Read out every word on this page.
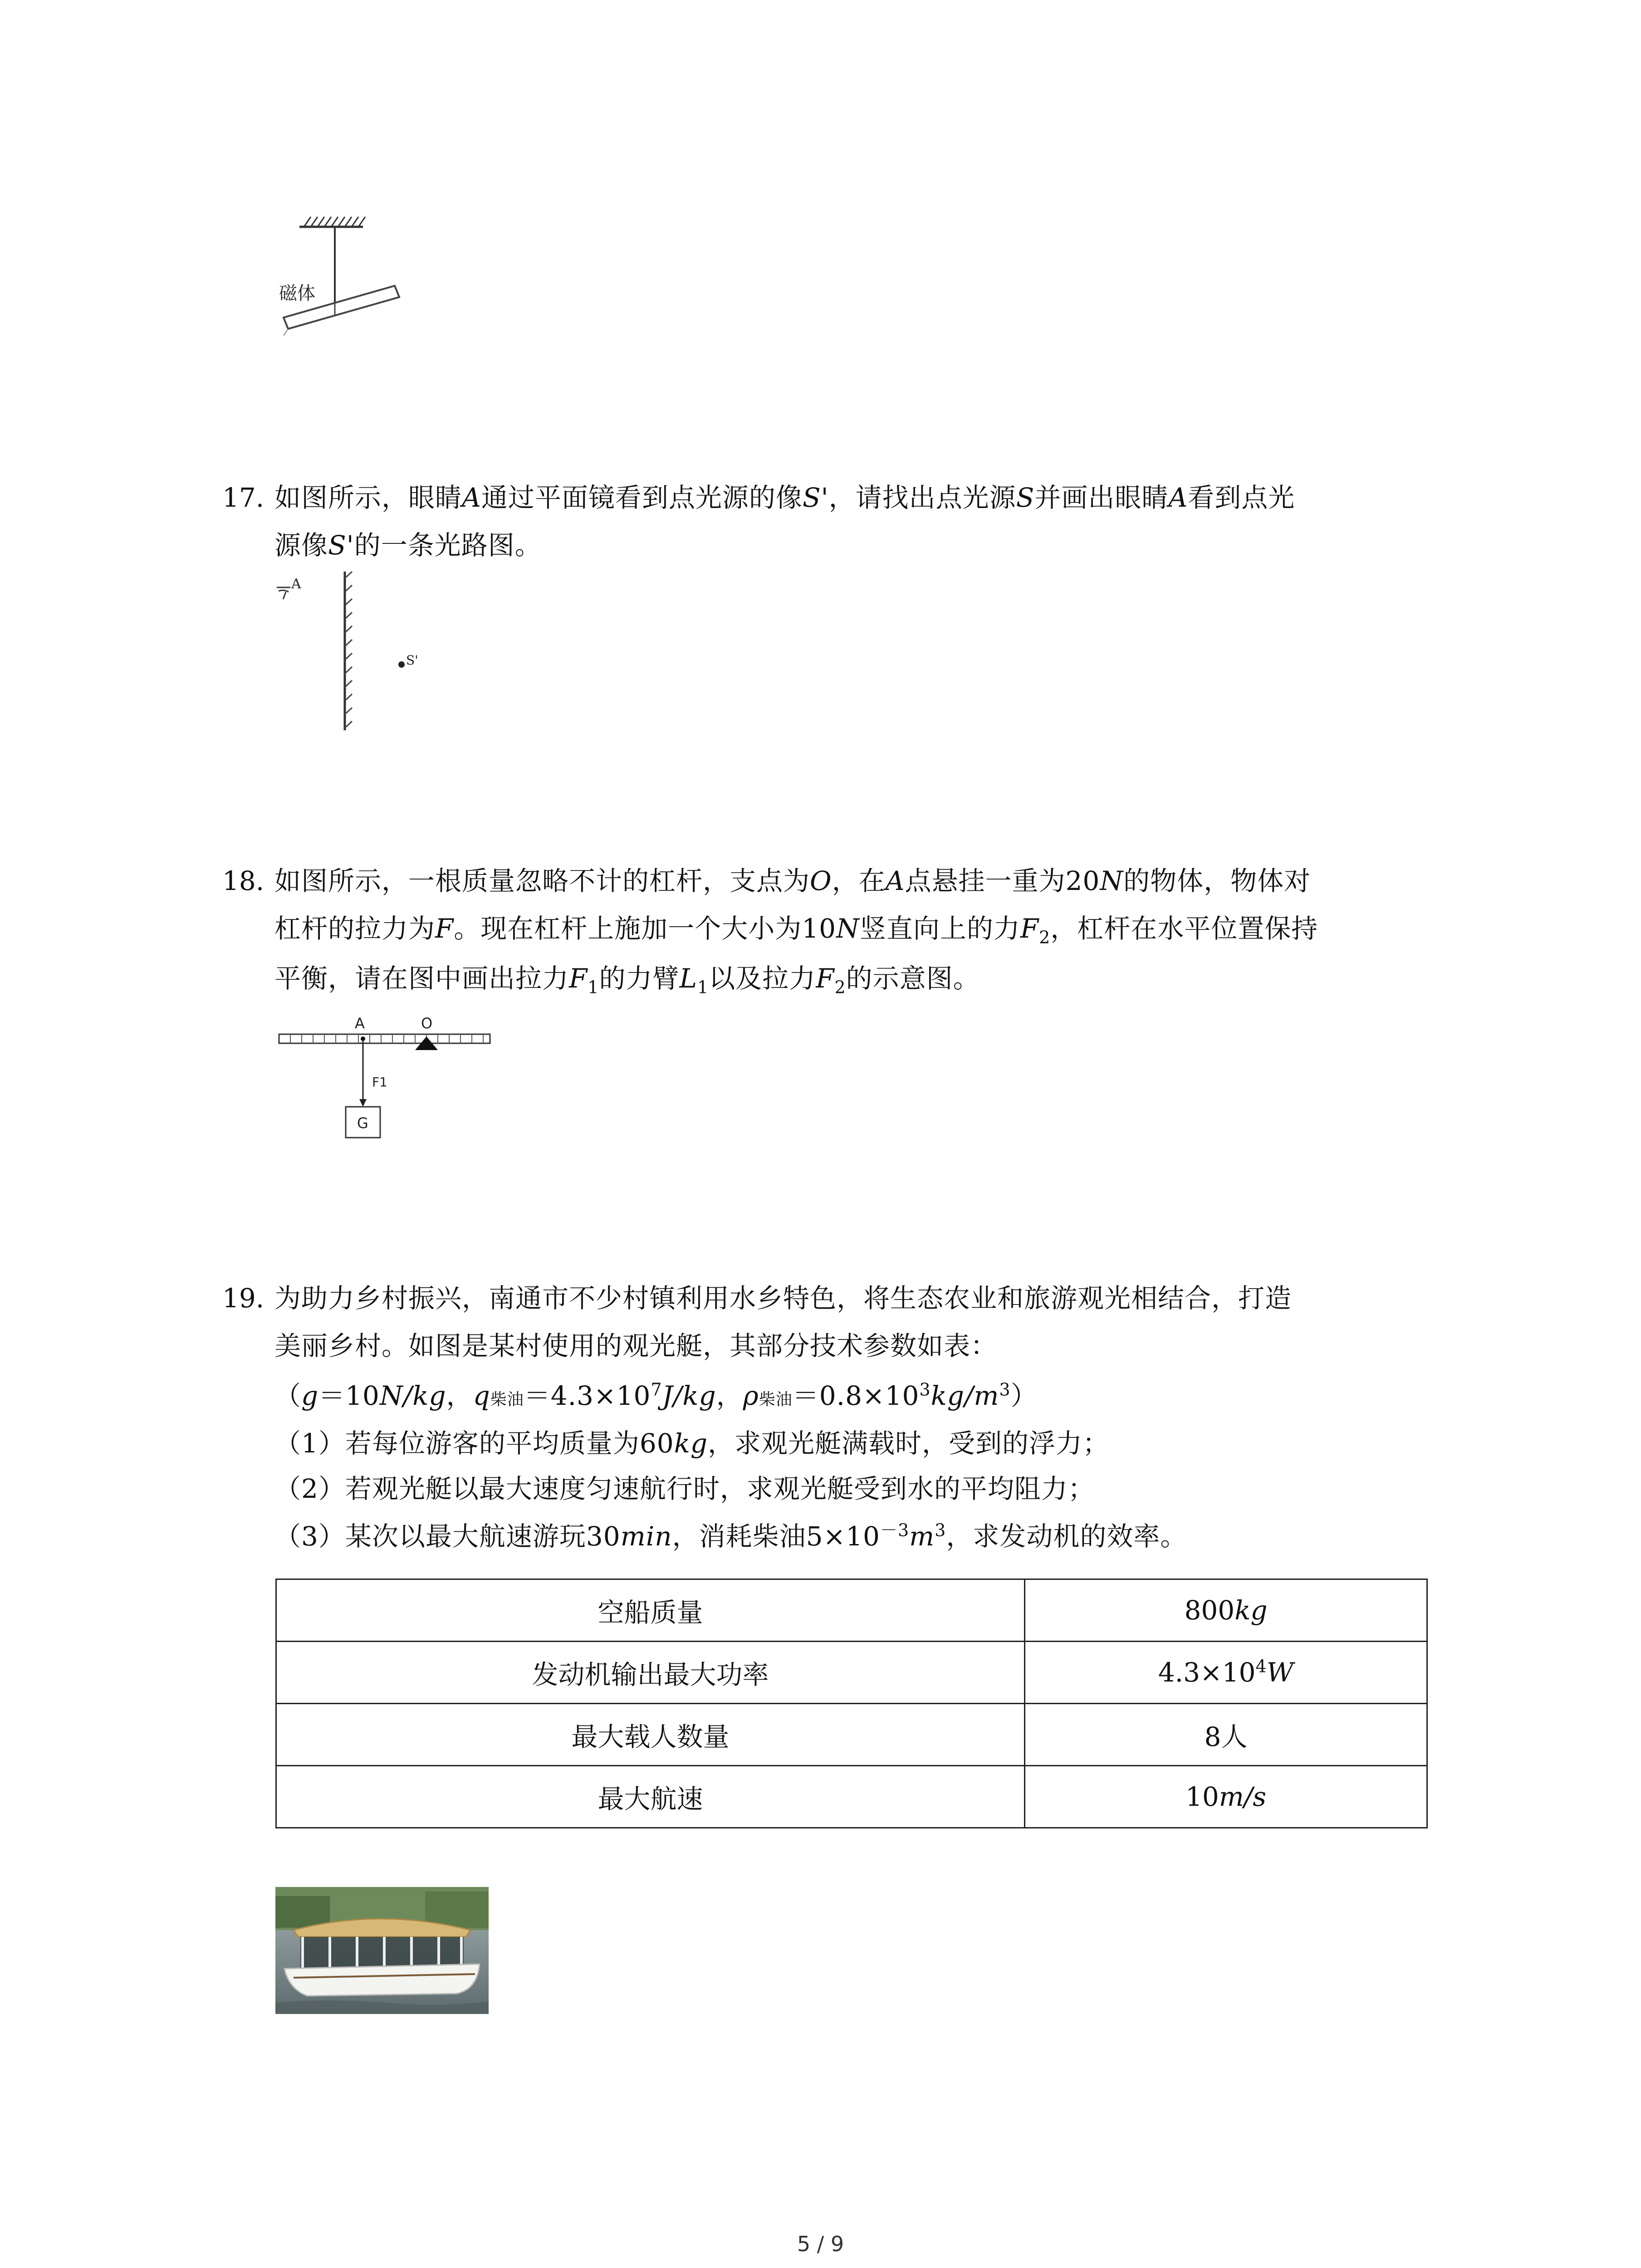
磁体
17. 如图所示，眼睛A通过平面镜看到点光源的像S'，请找出点光源S并画出眼睛A看到点光
源像S'的一条光路图。
A
S'
18. 如图所示，一根质量忽略不计的杠杆，支点为O，在A点悬挂一重为20N的物体，物体对
杠杆的拉力为F。现在杠杆上施加一个大小为10N竖直向上的力$F_2$，杠杆在水平位置保持
平衡，请在图中画出拉力$F_1$的力臂$L_1$以及拉力$F_2$的示意图。
A	O
F1
G
19. 为助力乡村振兴，南通市不少村镇利用水乡特色，将生态农业和旅游观光相结合，打造
美丽乡村。如图是某村使用的观光艇，其部分技术参数如表：
（g＝10N/kg，q柴油$=4.3\times 10^7J/kg$，ρ柴油$=0.8\times 10^3kg/m^3$）
（1）若每位游客的平均质量为60kg，求观光艇满载时，受到的浮力；
（2）若观光艇以最大速度匀速航行时，求观光艇受到水的平均阻力；
（3）某次以最大航速游玩30min，消耗柴油$5\times 10^{-3}m^3$，求发动机的效率。
空船质量	800kg
发动机输出最大功率	$4.3\times 10^4W$
最大载人数量	8人
最大航速	10m/s
5 / 9
